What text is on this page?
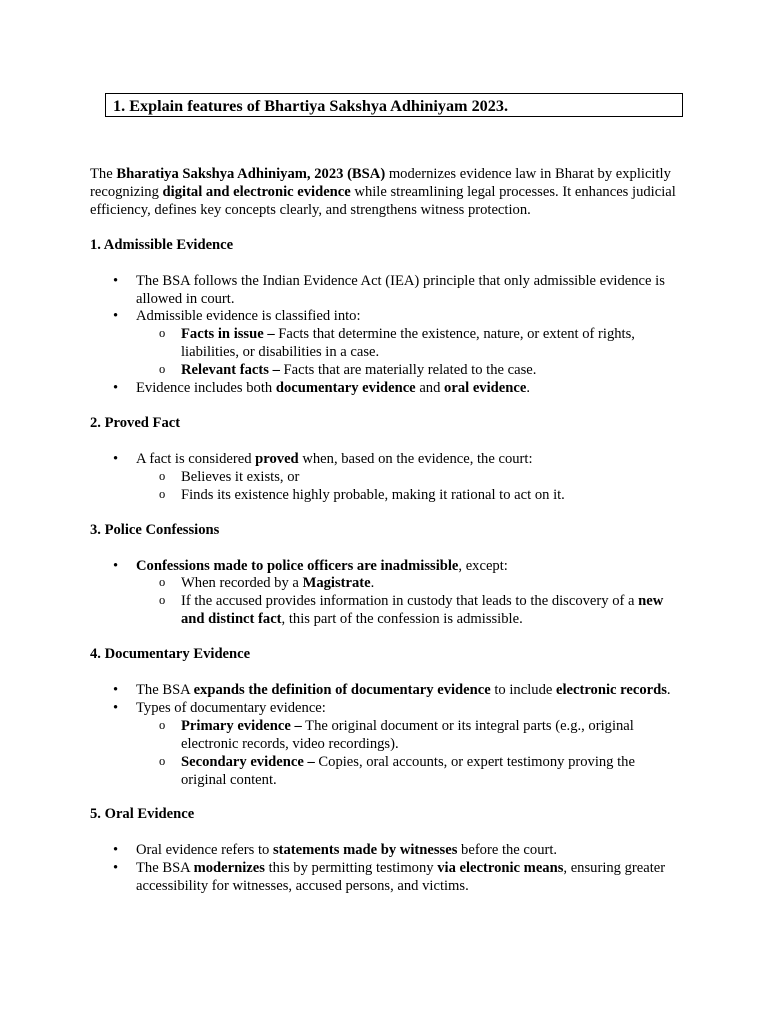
1. Explain features of Bhartiya Sakshya Adhiniyam 2023.

The Bharatiya Sakshya Adhiniyam, 2023 (BSA) modernizes evidence law in Bharat by explicitly recognizing digital and electronic evidence while streamlining legal processes. It enhances judicial efficiency, defines key concepts clearly, and strengthens witness protection.

1. Admissible Evidence

• The BSA follows the Indian Evidence Act (IEA) principle that only admissible evidence is allowed in court.
• Admissible evidence is classified into:
o Facts in issue – Facts that determine the existence, nature, or extent of rights, liabilities, or disabilities in a case.
o Relevant facts – Facts that are materially related to the case.
• Evidence includes both documentary evidence and oral evidence.

2. Proved Fact

• A fact is considered proved when, based on the evidence, the court:
o Believes it exists, or
o Finds its existence highly probable, making it rational to act on it.

3. Police Confessions

• Confessions made to police officers are inadmissible, except:
o When recorded by a Magistrate.
o If the accused provides information in custody that leads to the discovery of a new and distinct fact, this part of the confession is admissible.

4. Documentary Evidence

• The BSA expands the definition of documentary evidence to include electronic records.
• Types of documentary evidence:
o Primary evidence – The original document or its integral parts (e.g., original electronic records, video recordings).
o Secondary evidence – Copies, oral accounts, or expert testimony proving the original content.

5. Oral Evidence

• Oral evidence refers to statements made by witnesses before the court.
• The BSA modernizes this by permitting testimony via electronic means, ensuring greater accessibility for witnesses, accused persons, and victims.
